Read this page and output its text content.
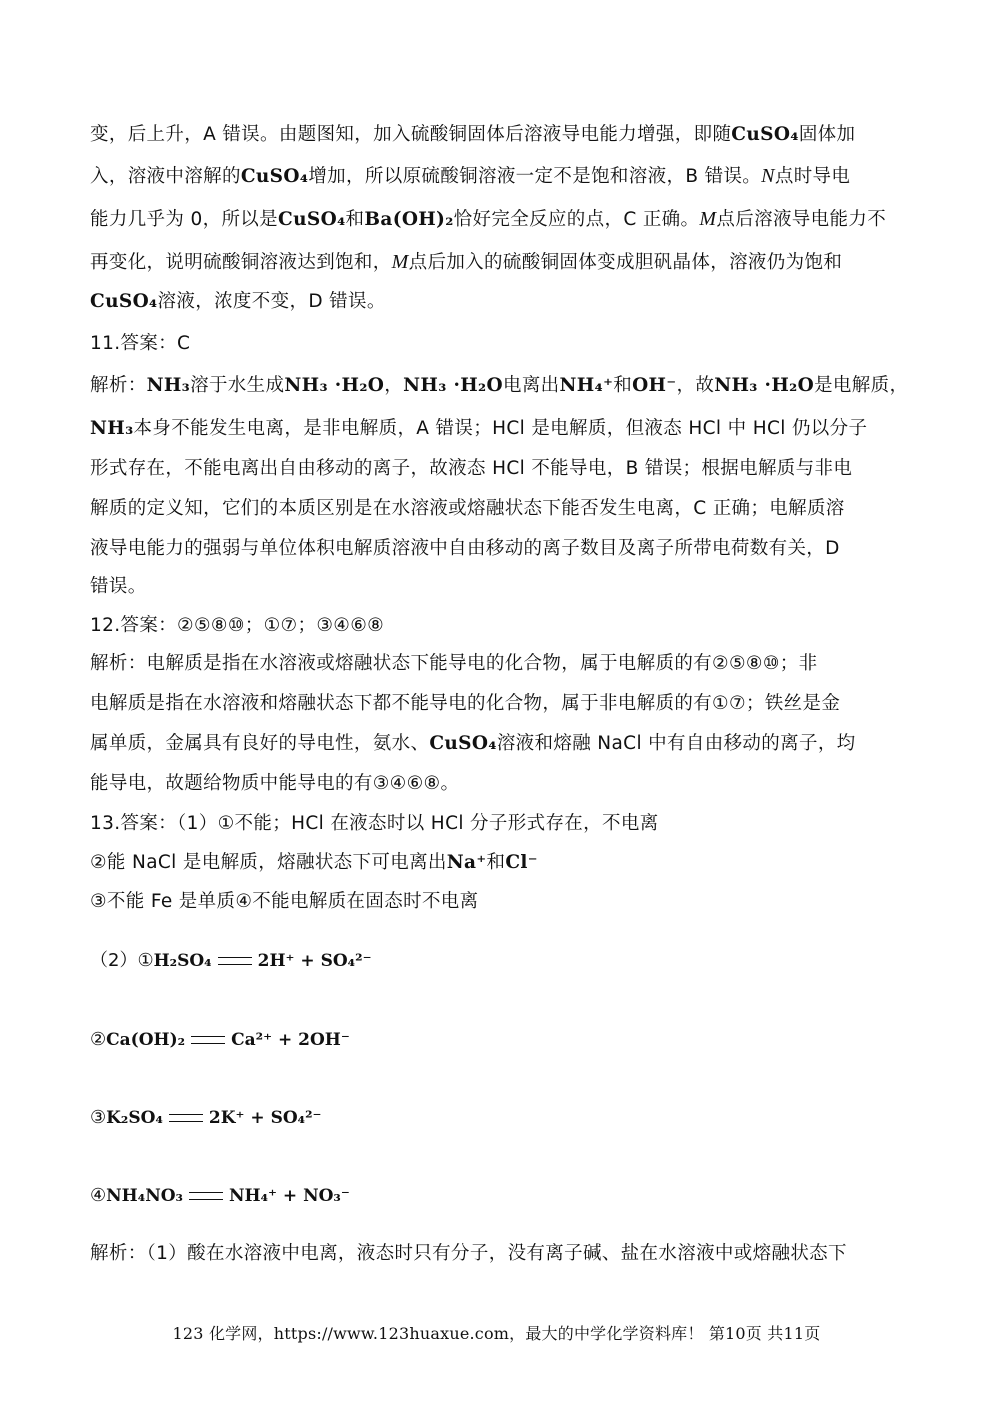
变，后上升，A 错误。由题图知，加入硫酸铜固体后溶液导电能力增强，即随CuSO₄固体加
入，溶液中溶解的CuSO₄增加，所以原硫酸铜溶液一定不是饱和溶液，B 错误。N点时导电
能力几乎为 0，所以是CuSO₄和Ba(OH)₂恰好完全反应的点，C 正确。M点后溶液导电能力不
再变化，说明硫酸铜溶液达到饱和，M点后加入的硫酸铜固体变成胆矾晶体，溶液仍为饱和
CuSO₄溶液，浓度不变，D 错误。
11.答案：C
解析：NH₃溶于水生成NH₃ ·H₂O，NH₃ ·H₂O电离出NH₄⁺和OH⁻，故NH₃ ·H₂O是电解质，
NH₃本身不能发生电离，是非电解质，A 错误；HCl 是电解质，但液态 HCl 中 HCl 仍以分子
形式存在，不能电离出自由移动的离子，故液态 HCl 不能导电，B 错误；根据电解质与非电
解质的定义知，它们的本质区别是在水溶液或熔融状态下能否发生电离，C 正确；电解质溶
液导电能力的强弱与单位体积电解质溶液中自由移动的离子数目及离子所带电荷数有关，D
错误。
12.答案：②⑤⑧⑩；①⑦；③④⑥⑧
解析：电解质是指在水溶液或熔融状态下能导电的化合物，属于电解质的有②⑤⑧⑩；非
电解质是指在水溶液和熔融状态下都不能导电的化合物，属于非电解质的有①⑦；铁丝是金
属单质，金属具有良好的导电性，氨水、CuSO₄溶液和熔融 NaCl 中有自由移动的离子，均
能导电，故题给物质中能导电的有③④⑥⑧。
13.答案：（1）①不能；HCl 在液态时以 HCl 分子形式存在，不电离
②能 NaCl 是电解质，熔融状态下可电离出Na⁺和Cl⁻
③不能 Fe 是单质④不能电解质在固态时不电离
（2）①H₂SO₄	2H⁺ + SO₄²⁻
②Ca(OH)₂	Ca²⁺ + 2OH⁻
③K₂SO₄	2K⁺ + SO₄²⁻
④NH₄NO₃	NH₄⁺ + NO₃⁻
解析：（1）酸在水溶液中电离，液态时只有分子，没有离子碱、盐在水溶液中或熔融状态下
123 化学网，https://www.123huaxue.com，最大的中学化学资料库！ 第10页 共11页
